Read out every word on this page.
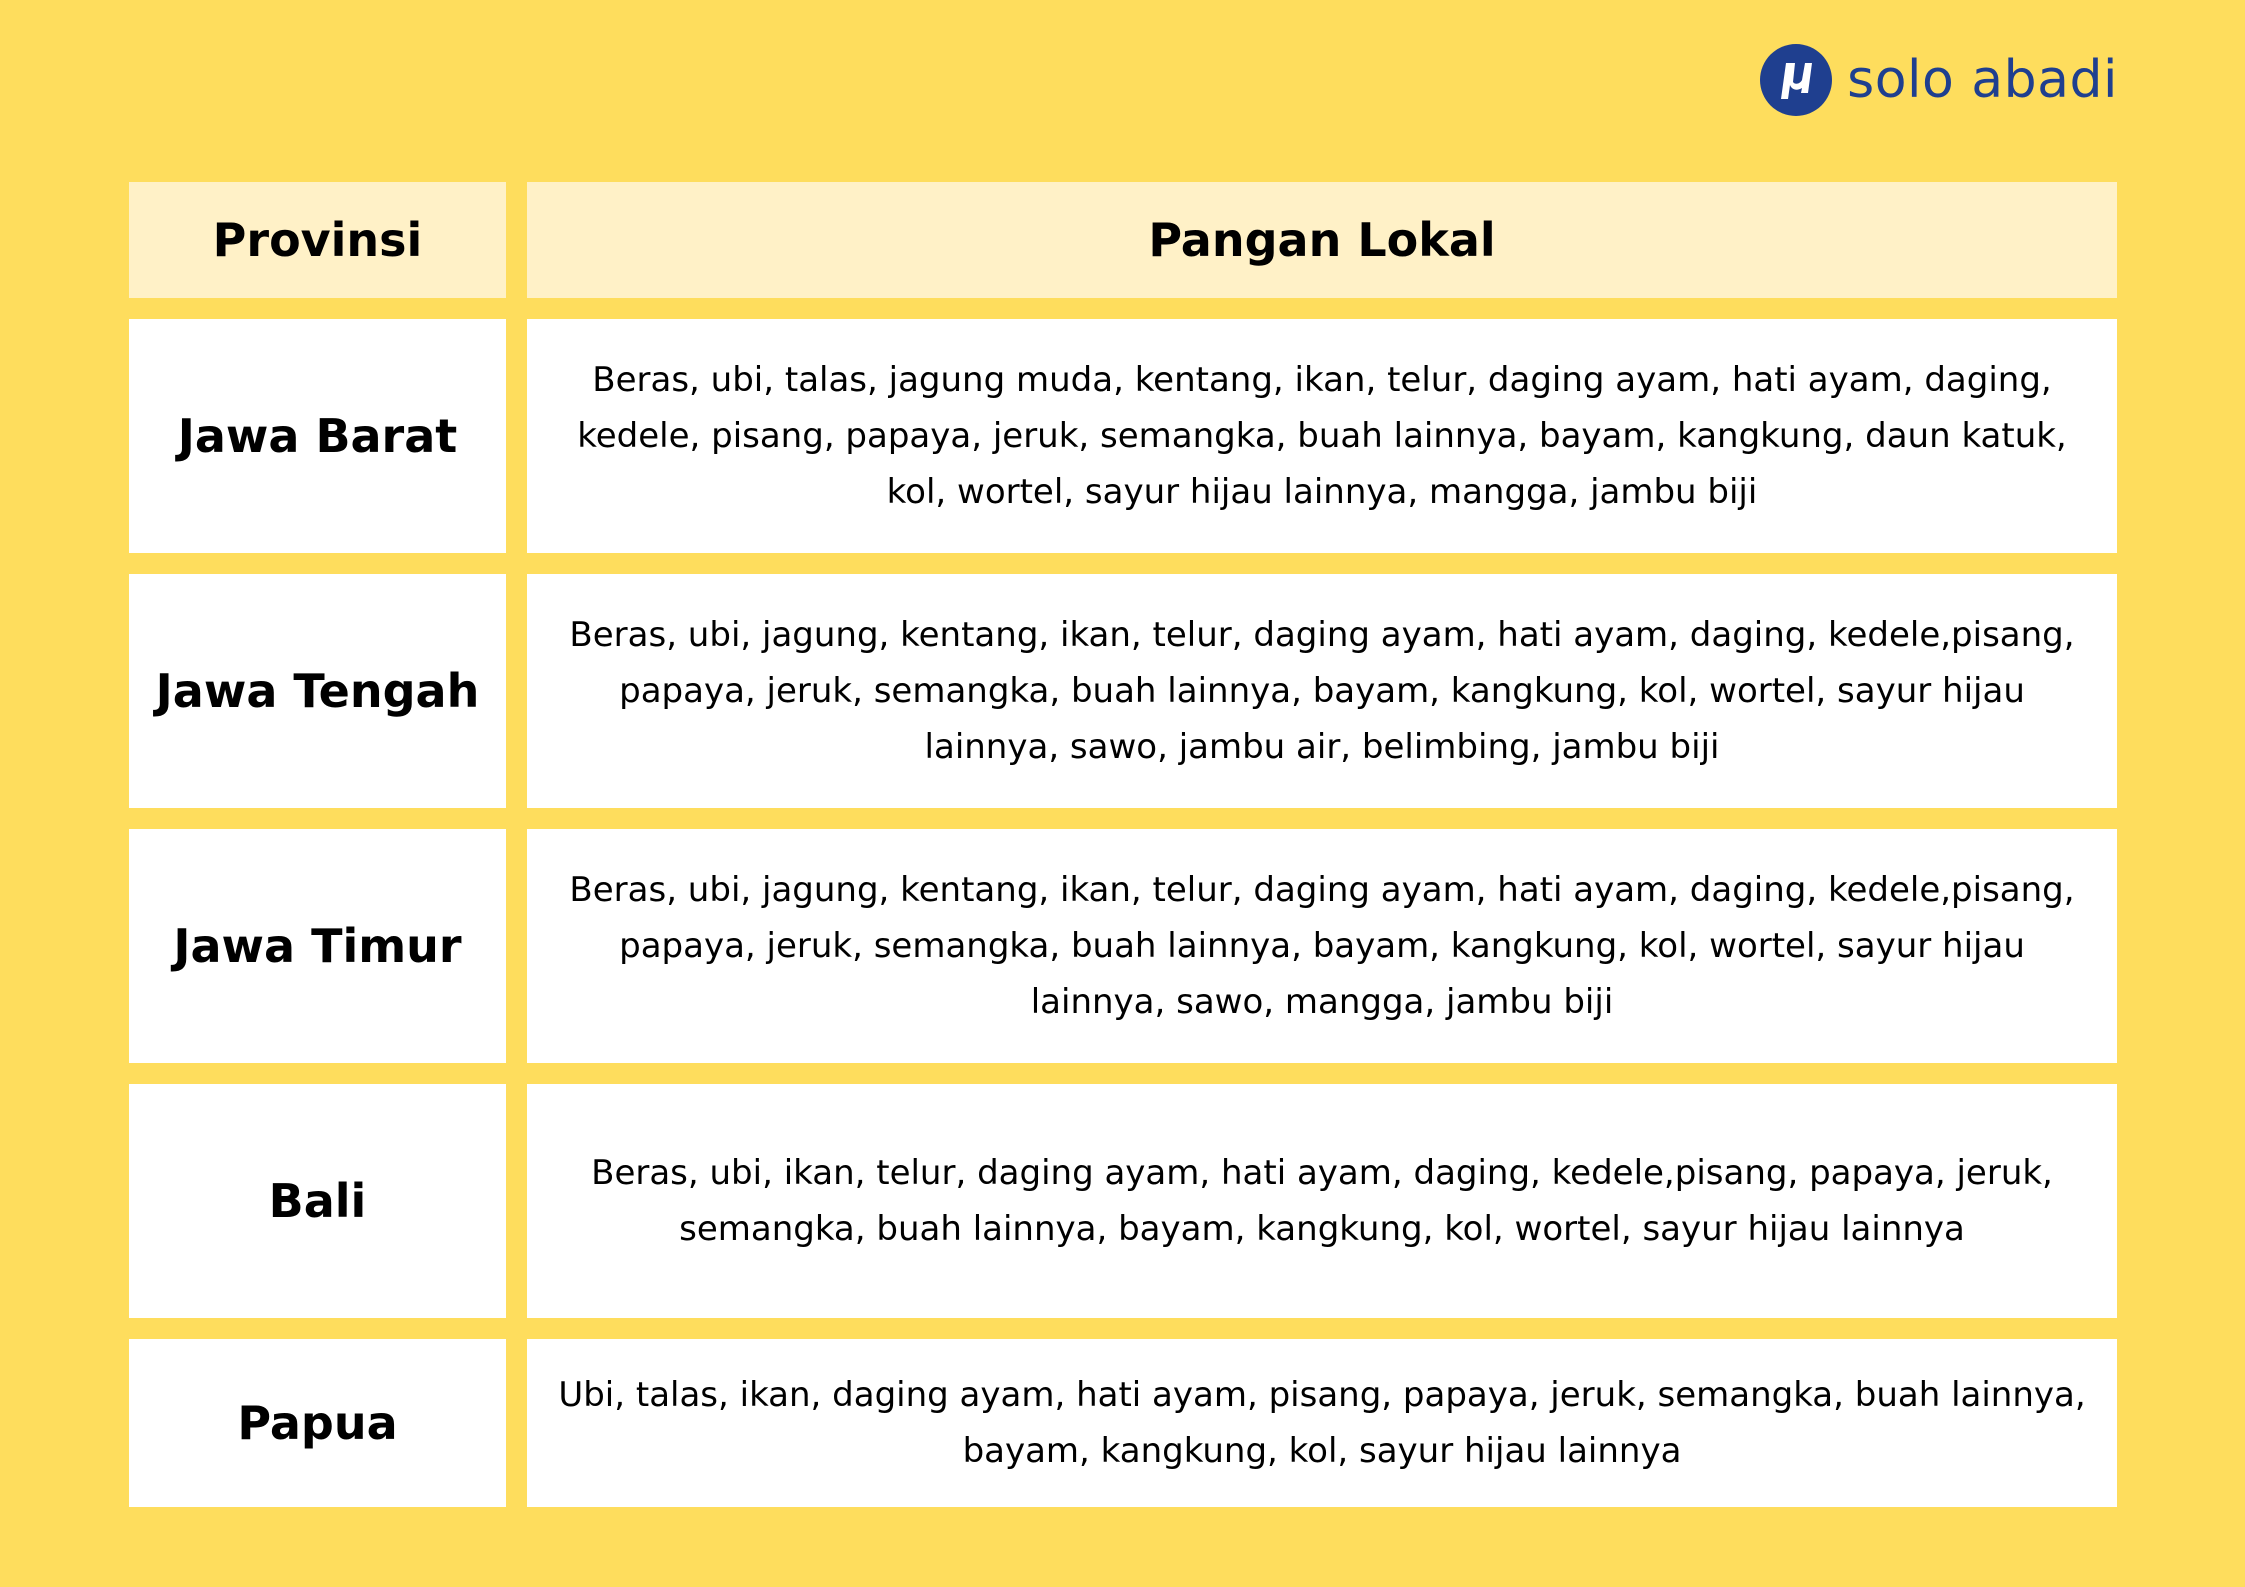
solo abadi
Provinsi	Pangan Lokal
Jawa Barat
Beras, ubi, talas, jagung muda, kentang, ikan, telur, daging ayam, hati ayam, daging, kedele, pisang, papaya, jeruk, semangka, buah lainnya, bayam, kangkung, daun katuk, kol, wortel, sayur hijau lainnya, mangga, jambu biji
Jawa Tengah
Beras, ubi, jagung, kentang, ikan, telur, daging ayam, hati ayam, daging, kedele,pisang, papaya, jeruk, semangka, buah lainnya, bayam, kangkung, kol, wortel, sayur hijau lainnya, sawo, jambu air, belimbing, jambu biji
Jawa Timur
Beras, ubi, jagung, kentang, ikan, telur, daging ayam, hati ayam, daging, kedele,pisang, papaya, jeruk, semangka, buah lainnya, bayam, kangkung, kol, wortel, sayur hijau lainnya, sawo, mangga, jambu biji
Bali
Beras, ubi, ikan, telur, daging ayam, hati ayam, daging, kedele,pisang, papaya, jeruk, semangka, buah lainnya, bayam, kangkung, kol, wortel, sayur hijau lainnya
Papua
Ubi, talas, ikan, daging ayam, hati ayam, pisang, papaya, jeruk, semangka, buah lainnya, bayam, kangkung, kol, sayur hijau lainnya
